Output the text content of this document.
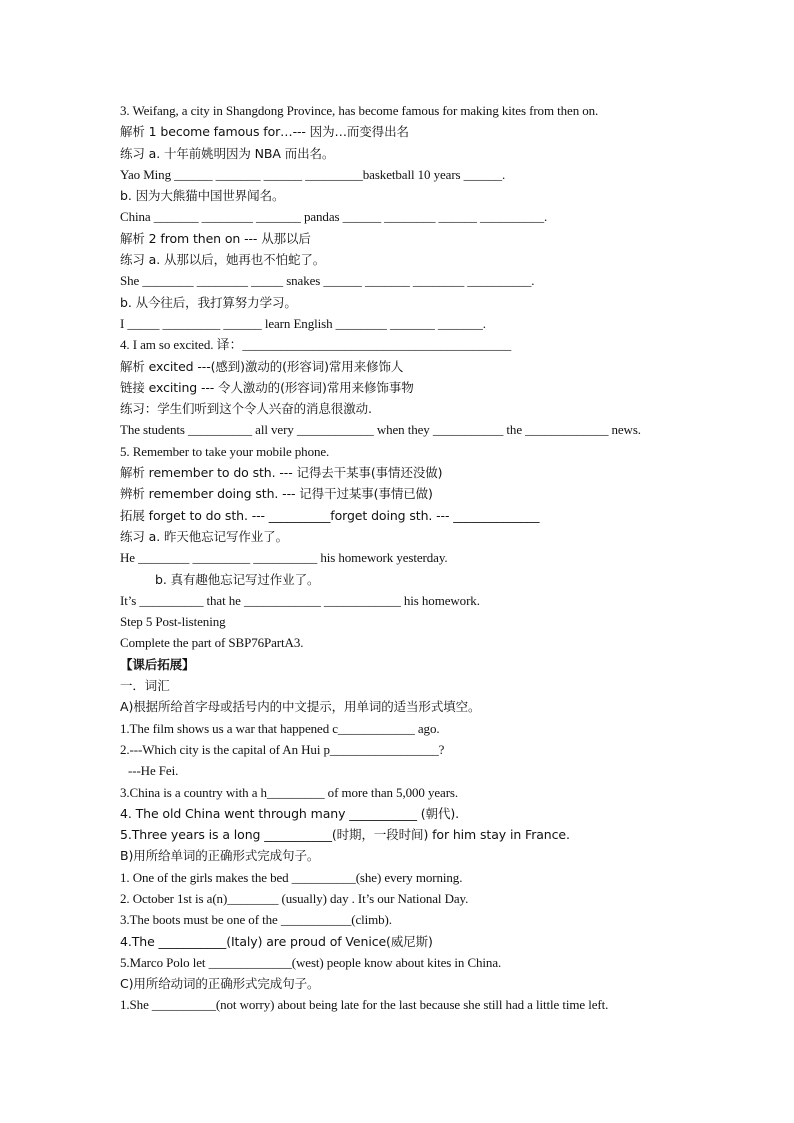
3. Weifang, a city in Shangdong Province, has become famous for making kites from then on.
解析 1 become famous for…--- 因为…而变得出名
练习 a. 十年前姚明因为 NBA 而出名。
Yao Ming ______ _______ ______ _________basketball 10 years ______.
b. 因为大熊猫中国世界闻名。
China _______ ________ _______ pandas ______ ________ ______ __________.
解析 2 from then on --- 从那以后
练习 a. 从那以后，她再也不怕蛇了。
She ________ ________ _____ snakes ______ _______ ________ __________.
b. 从今往后，我打算努力学习。
I _____ _________ ______ learn English ________ _______ _______.
4. I am so excited. 译：__________________________________________
解析 excited ---(感到)激动的(形容词)常用来修饰人
链接 exciting --- 令人激动的(形容词)常用来修饰事物
练习：学生们听到这个令人兴奋的消息很激动.
The students __________ all very ____________ when they ___________ the _____________ news.
5. Remember to take your mobile phone.
解析 remember to do sth. --- 记得去干某事(事情还没做)
辨析 remember doing sth. --- 记得干过某事(事情已做)
拓展 forget to do sth. --- __________forget doing sth. --- ______________
练习 a. 昨天他忘记写作业了。
He ________ _________ __________ his homework yesterday.
b. 真有趣他忘记写过作业了。
It’s __________ that he ____________ ____________ his homework.
Step 5 Post-listening
Complete the part of SBP76PartA3.
【课后拓展】
一．词汇
A)根据所给首字母或括号内的中文提示，用单词的适当形式填空。
1.The film shows us a war that happened c____________ ago.
2.---Which city is the capital of An Hui p_________________?
---He Fei.
3.China is a country with a h_________ of more than 5,000 years.
4. The old China went through many ___________ (朝代).
5.Three years is a long ___________(时期，一段时间) for him stay in France.
B)用所给单词的正确形式完成句子。
1. One of the girls makes the bed __________(she) every morning.
2. October 1st is a(n)________ (usually) day . It’s our National Day.
3.The boots must be one of the ___________(climb).
4.The ___________(Italy) are proud of Venice(威尼斯)
5.Marco Polo let _____________(west) people know about kites in China.
C)用所给动词的正确形式完成句子。
1.She __________(not worry) about being late for the last because she still had a little time left.
